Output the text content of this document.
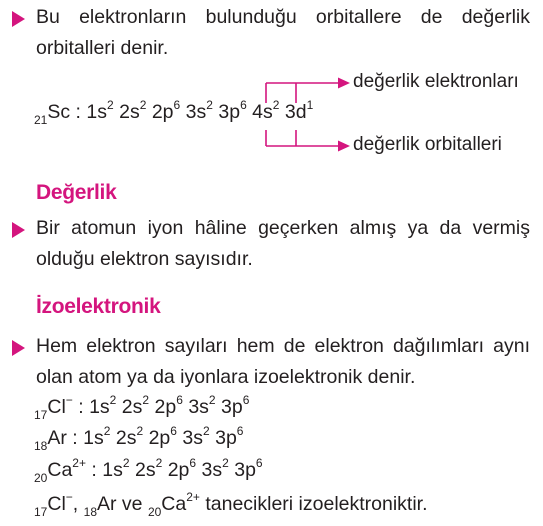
Bu elektronların bulunduğu orbitallere de değerlik orbitalleri denir.
değerlik elektronları
değerlik orbitalleri
$_{21}$Sc : $1s^2$ $2s^2$ $2p^6$ $3s^2$ $3p^6$ $4s^2$ $3d^1$
Değerlik
Bir atomun iyon hâline geçerken almış ya da vermiş olduğu elektron sayısıdır.
İzoelektronik
Hem elektron sayıları hem de elektron dağılımları aynı olan atom ya da iyonlara izoelektronik denir.
$_{17}$Cl− : $1s^2$ $2s^2$ $2p^6$ $3s^2$ $3p^6$
$_{18}$Ar : $1s^2$ $2s^2$ $2p^6$ $3s^2$ $3p^6$
$_{20}Ca^{2+}$ : $1s^2$ $2s^2$ $2p^6$ $3s^2$ $3p^6$
$_{17}$Cl−, $_{18}$Ar ve $_{20}Ca^{2+}$ tanecikleri izoelektroniktir.
